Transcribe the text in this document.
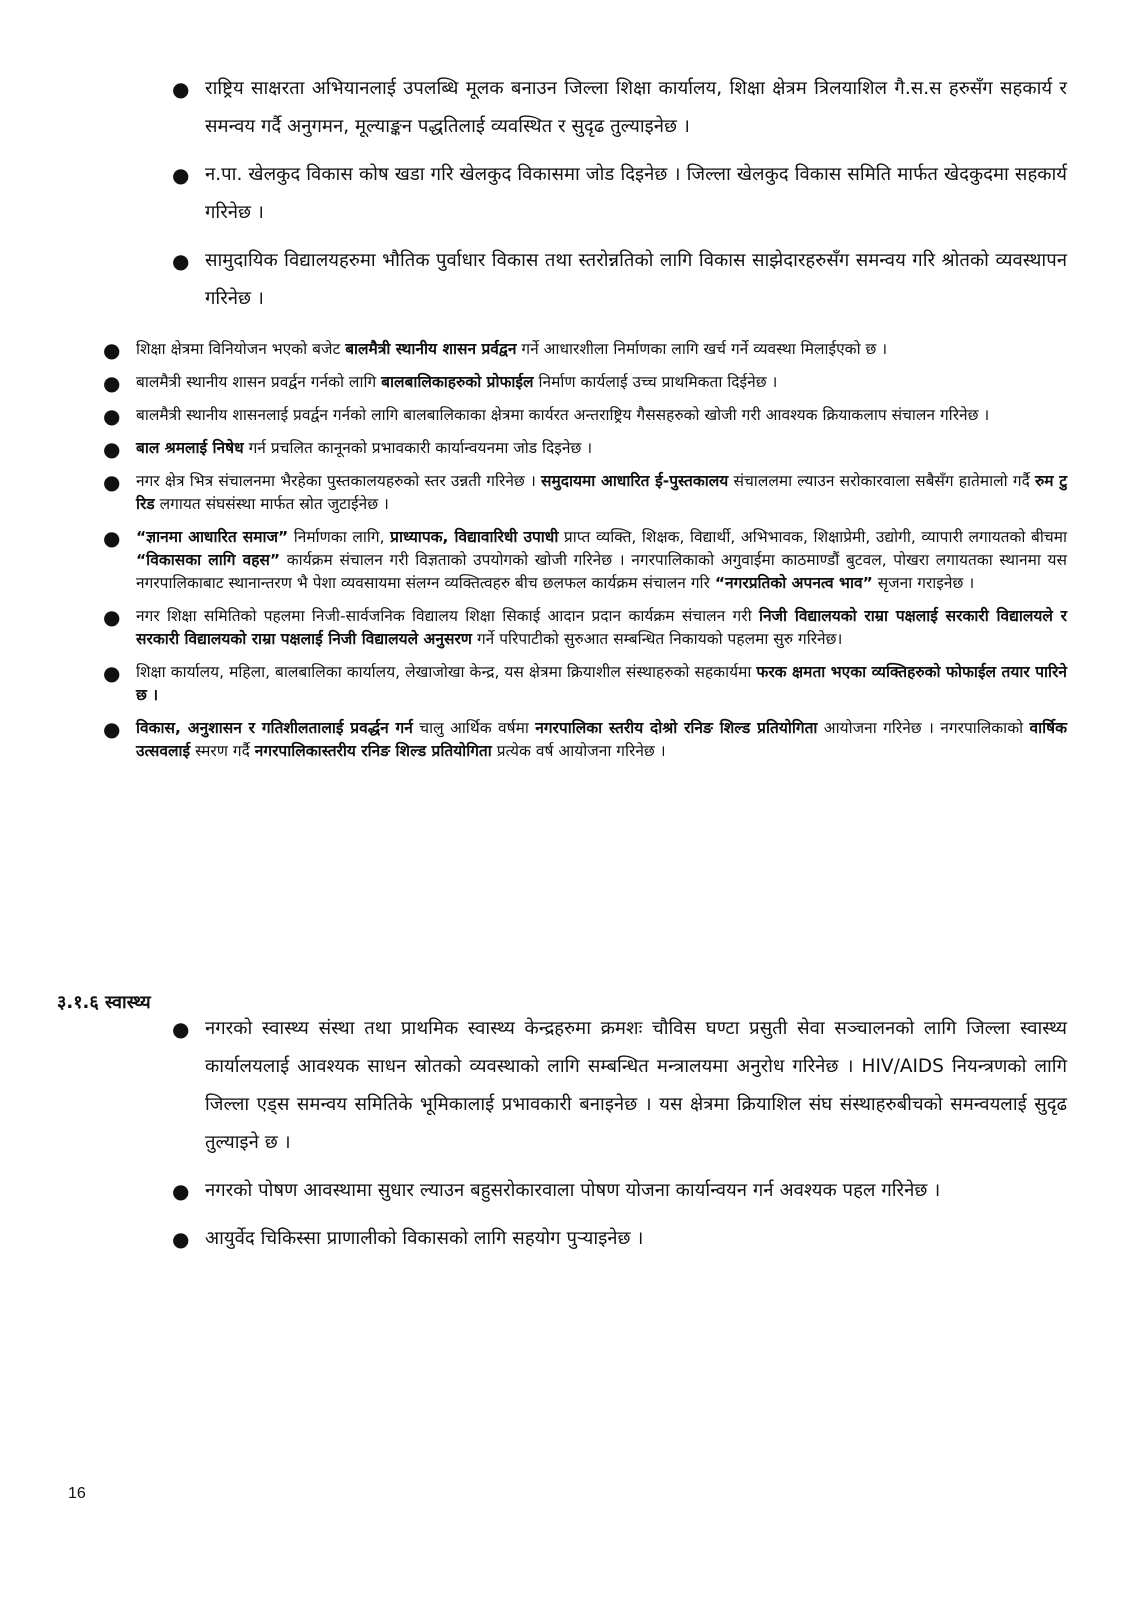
● राष्ट्रिय साक्षरता अभियानलाई उपलब्धि मूलक बनाउन जिल्ला शिक्षा कार्यालय, शिक्षा क्षेत्रम त्रिलयाशिल गै.स.स हरुसँग सहकार्य र समन्वय गर्दै अनुगमन, मूल्याङ्कन पद्धतिलाई व्यवस्थित र सुदृढ तुल्याइनेछ ।
● न.पा. खेलकुद विकास कोष खडा गरि खेलकुद विकासमा जोड दिइनेछ । जिल्ला खेलकुद विकास समिति मार्फत खेदकुदमा सहकार्य गरिनेछ ।
● सामुदायिक विद्यालयहरुमा भौतिक पुर्वाधार विकास तथा स्तरोन्नतिको लागि विकास साझेदारहरुसँग समन्वय गरि श्रोतको व्यवस्थापन गरिनेछ ।
● शिक्षा क्षेत्रमा विनियोजन भएको बजेट बालमैत्री स्थानीय शासन प्रर्वद्वन गर्ने आधारशीला निर्माणका लागि खर्च गर्ने व्यवस्था मिलाईएको छ ।
● बालमैत्री स्थानीय शासन प्रवर्द्वन गर्नको लागि बालबालिकाहरुको प्रोफाईल निर्माण कार्यलाई उच्च प्राथमिकता दिईनेछ ।
● बालमैत्री स्थानीय शासनलाई प्रवर्द्वन गर्नको लागि बालबालिकाका क्षेत्रमा कार्यरत अन्तराष्ट्रिय गैससहरुको खोजी गरी आवश्यक क्रियाकलाप संचालन गरिनेछ ।
● बाल श्रमलाई निषेध गर्न प्रचलित कानूनको प्रभावकारी कार्यान्वयनमा जोड दिइनेछ ।
● नगर क्षेत्र भित्र संचालनमा भैरहेका पुस्तकालयहरुको स्तर उन्नती गरिनेछ । समुदायमा आधारित ई-पुस्तकालय संचाललमा ल्याउन सरोकारवाला सबैसँग हातेमालो गर्दै रुम टु रिड लगायत संघसंस्था मार्फत स्रोत जुटाईनेछ ।
● “ज्ञानमा आधारित समाज” निर्माणका लागि, प्राध्यापक, विद्यावारिधी उपाधी प्राप्त व्यक्ति, शिक्षक, विद्यार्थी, अभिभावक, शिक्षाप्रेमी, उद्योगी, व्यापारी लगायतको बीचमा “विकासका लागि वहस” कार्यक्रम संचालन गरी विज्ञताको उपयोगको खोजी गरिनेछ । नगरपालिकाको अगुवाईमा काठमाण्डौं बुटवल, पोखरा लगायतका स्थानमा यस नगरपालिकाबाट स्थानान्तरण भै पेशा व्यवसायमा संलग्न व्यक्तित्वहरु बीच छलफल कार्यक्रम संचालन गरि “नगरप्रतिको अपनत्व भाव” सृजना गराइनेछ ।
● नगर शिक्षा समितिको पहलमा निजी-सार्वजनिक विद्यालय शिक्षा सिकाई आदान प्रदान कार्यक्रम संचालन गरी निजी विद्यालयको राम्रा पक्षलाई सरकारी विद्यालयले र सरकारी विद्यालयको राम्रा पक्षलाई निजी विद्यालयले अनुसरण गर्ने परिपाटीको सुरुआत सम्बन्धित निकायको पहलमा सुरु गरिनेछ।
● शिक्षा कार्यालय, महिला, बालबालिका कार्यालय, लेखाजोखा केन्द्र, यस क्षेत्रमा क्रियाशील संस्थाहरुको सहकार्यमा फरक क्षमता भएका व्यक्तिहरुको फोफाईल तयार पारिने छ ।
● विकास, अनुशासन र गतिशीलतालाई प्रवर्द्धन गर्न चालु आर्थिक वर्षमा नगरपालिका स्तरीय दोश्रो रनिङ शिल्ड प्रतियोगिता आयोजना गरिनेछ । नगरपालिकाको वार्षिक उत्सवलाई स्मरण गर्दै नगरपालिकास्तरीय रनिङ शिल्ड प्रतियोगिता प्रत्येक वर्ष आयोजना गरिनेछ ।
३.१.६ स्वास्थ्य
● नगरको स्वास्थ्य संस्था तथा प्राथमिक स्वास्थ्य केन्द्रहरुमा क्रमशः चौविस घण्टा प्रसुती सेवा सञ्चालनको लागि जिल्ला स्वास्थ्य कार्यालयलाई आवश्यक साधन स्रोतको व्यवस्थाको लागि सम्बन्धित मन्त्रालयमा अनुरोध गरिनेछ । HIV/AIDS नियन्त्रणको लागि जिल्ला एड्स समन्वय समितिके भूमिकालाई प्रभावकारी बनाइनेछ । यस क्षेत्रमा क्रियाशिल संघ संस्थाहरुबीचको समन्वयलाई सुदृढ तुल्याइने छ ।
● नगरको पोषण आवस्थामा सुधार ल्याउन बहुसरोकारवाला पोषण योजना कार्यान्वयन गर्न अवश्यक पहल गरिनेछ ।
● आयुर्वेद चिकिस्सा प्राणालीको विकासको लागि सहयोग पुऱ्याइनेछ ।
16
